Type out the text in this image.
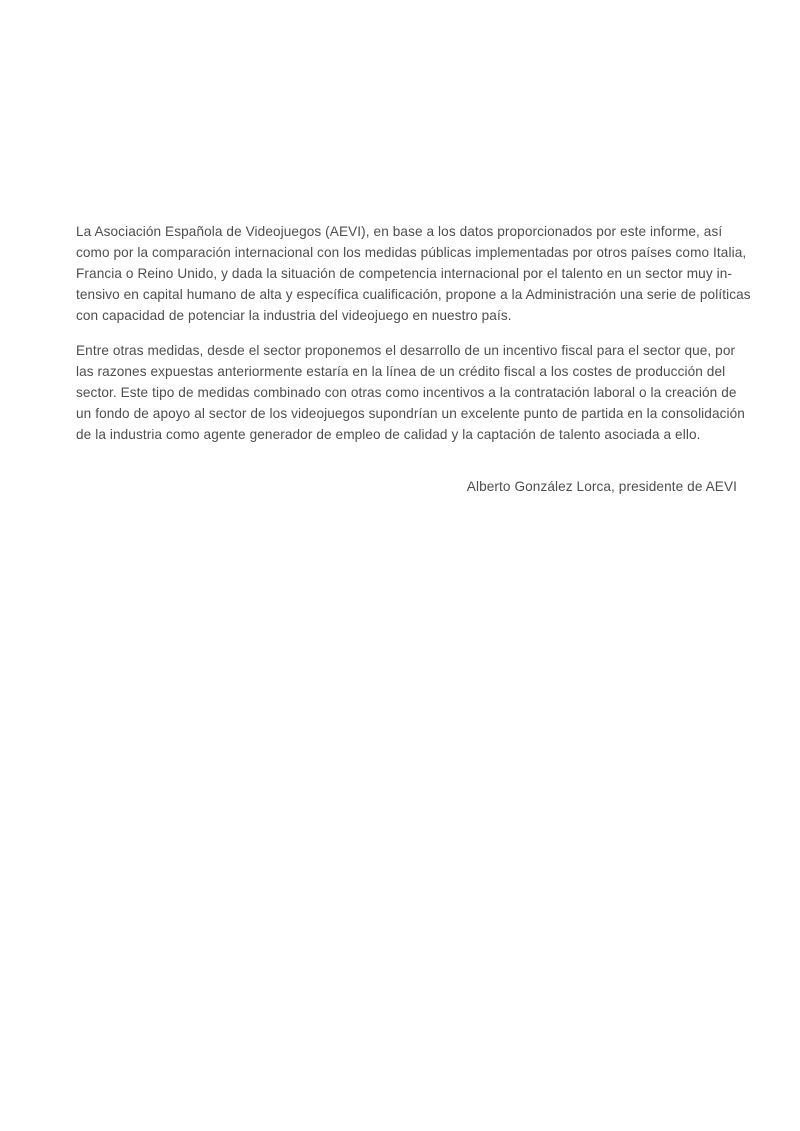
La Asociación Española de Videojuegos (AEVI), en base a los datos proporcionados por este informe, así
como por la comparación internacional con los medidas públicas implementadas por otros países como Italia,
Francia o Reino Unido, y dada la situación de competencia internacional por el talento en un sector muy in-
tensivo en capital humano de alta y específica cualificación, propone a la Administración una serie de políticas
con capacidad de potenciar la industria del videojuego en nuestro país.

Entre otras medidas, desde el sector proponemos el desarrollo de un incentivo fiscal para el sector que, por
las razones expuestas anteriormente estaría en la línea de un crédito fiscal a los costes de producción del
sector. Este tipo de medidas combinado con otras como incentivos a la contratación laboral o la creación de
un fondo de apoyo al sector de los videojuegos supondrían un excelente punto de partida en la consolidación
de la industria como agente generador de empleo de calidad y la captación de talento asociada a ello.

Alberto González Lorca, presidente de AEVI
